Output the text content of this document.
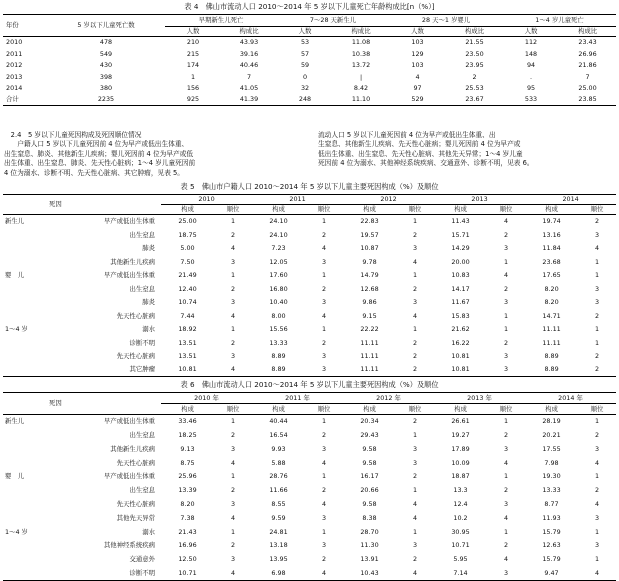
表 4　佛山市流动人口 2010～2014 年 5 岁以下儿童死亡年龄构成比[n（%）]
年份	5 岁以下儿童死亡数	早期新生儿死亡		7～28 天新生儿		28 天～1 岁婴儿		1～4 岁儿童死亡	
		人数	构成比	人数	构成比	人数	构成比	人数	构成比
2010	478	210	43.93	53	11.08	103	21.55	112	23.43
2011	549	215	39.16	57	10.38	129	23.50	148	26.96
2012	430	174	40.46	59	13.72	103	23.95	94	21.86
2013	398	1	7	0	|	4	2	.	7
2014	380	156	41.05	32	8.42	97	25.53	95	25.00
合计	2235	925	41.39	248	11.10	529	23.67	533	23.85
　2.4　5 岁以下儿童死因构成及死因顺位情况
　　户籍人口 5 岁以下儿童死因前 4 位为早产或低出生体重、
出生窒息、肺炎、其他新生儿疾病；婴儿死因前 4 位为早产或低
出生体重、出生窒息、肺炎、先天性心脏病；1～4 岁儿童死因前
4 位为溺水、诊断不明、先天性心脏病、其它肿瘤，见表 5。
流动人口 5 岁以下儿童死因前 4 位为早产或低出生体重、出
生窒息、其他新生儿疾病、先天性心脏病；婴儿死因前 4 位为早产或
低出生体重、出生窒息、先天性心脏病、其他先天异常；1～4 岁儿童
死因前 4 位为溺水、其他神经系统疾病、交通意外、诊断不明，见表 6。
表 5　佛山市户籍人口 2010～2014 年 5 岁以下儿童主要死因构成（%）及顺位
死因		2010		2011		2012		2013		2014	
		构成	顺位	构成	顺位	构成	顺位	构成	顺位	构成	顺位
新生儿	早产或低出生体重	25.00	1	24.10	1	22.83	1	11.43	4	19.74	2
	出生窒息	18.75	2	24.10	2	19.57	2	15.71	2	13.16	3
	肺炎	5.00	4	7.23	4	10.87	3	14.29	3	11.84	4
	其他新生儿疾病	7.50	3	12.05	3	9.78	4	20.00	1	23.68	1
婴　儿	早产或低出生体重	21.49	1	17.60	1	14.79	1	10.83	4	17.65	1
	出生窒息	12.40	2	16.80	2	12.68	2	14.17	2	8.20	3
	肺炎	10.74	3	10.40	3	9.86	3	11.67	3	8.20	3
	先天性心脏病	7.44	4	8.00	4	9.15	4	15.83	1	14.71	2
1～4 岁	溺水	18.92	1	15.56	1	22.22	1	21.62	1	11.11	1
	诊断不明	13.51	2	13.33	2	11.11	2	16.22	2	11.11	1
	先天性心脏病	13.51	3	8.89	3	11.11	2	10.81	3	8.89	2
	其它肿瘤	10.81	4	8.89	3	11.11	2	10.81	3	8.89	2
表 6　佛山市流动人口 2010～2014 年 5 岁以下儿童主要死因构成（%）及顺位
死因		2010 年		2011 年		2012 年		2013 年		2014 年	
		构成	顺位	构成	顺位	构成	顺位	构成	顺位	构成	顺位
新生儿	早产或低出生体重	33.46	1	40.44	1	20.34	2	26.61	1	28.19	1
	出生窒息	18.25	2	16.54	2	29.43	1	19.27	2	20.21	2
	其他新生儿疾病	9.13	3	9.93	3	9.58	3	17.89	3	17.55	3
	先天性心脏病	8.75	4	5.88	4	9.58	3	10.09	4	7.98	4
婴　儿	早产或低出生体重	25.96	1	28.76	1	16.17	2	18.87	1	19.30	1
	出生窒息	13.39	2	11.66	2	20.66	1	13.3	2	13.33	2
	先天性心脏病	8.20	3	8.55	4	9.58	4	12.4	3	8.77	4
	其他先天异常	7.38	4	9.59	3	8.38	4	10.2	4	11.93	3
1～4 岁	溺水	21.43	1	24.81	1	28.70	1	30.95	1	15.79	1
	其他神经系统疾病	16.96	2	13.18	3	11.30	3	10.71	2	12.63	3
	交通意外	12.50	3	13.95	2	13.91	2	5.95	4	15.79	1
	诊断不明	10.71	4	6.98	4	10.43	4	7.14	3	9.47	4
